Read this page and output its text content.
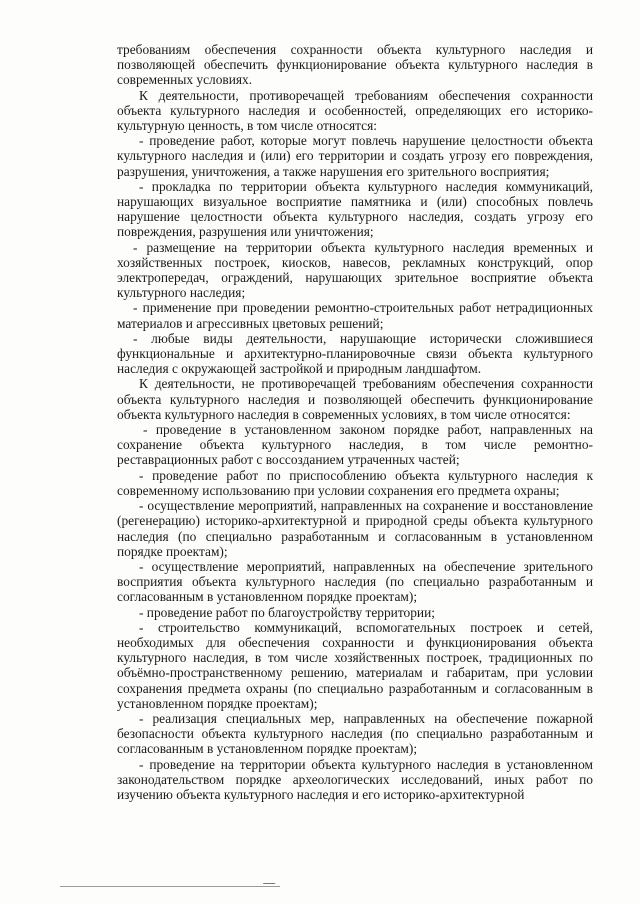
требованиям обеспечения сохранности объекта культурного наследия и позволяющей обеспечить функционирование объекта культурного наследия в современных условиях.

К деятельности, противоречащей требованиям обеспечения сохранности объекта культурного наследия и особенностей, определяющих его историко-культурную ценность, в том числе относятся:

- проведение работ, которые могут повлечь нарушение целостности объекта культурного наследия и (или) его территории и создать угрозу его повреждения, разрушения, уничтожения, а также нарушения его зрительного восприятия;

- прокладка по территории объекта культурного наследия коммуникаций, нарушающих визуальное восприятие памятника и (или) способных повлечь нарушение целостности объекта культурного наследия, создать угрозу его повреждения, разрушения или уничтожения;

- размещение на территории объекта культурного наследия временных и хозяйственных построек, киосков, навесов, рекламных конструкций, опор электропередач, ограждений, нарушающих зрительное восприятие объекта культурного наследия;

- применение при проведении ремонтно-строительных работ нетрадиционных материалов и агрессивных цветовых решений;

- любые виды деятельности, нарушающие исторически сложившиеся функциональные и архитектурно-планировочные связи объекта культурного наследия с окружающей застройкой и природным ландшафтом.

К деятельности, не противоречащей требованиям обеспечения сохранности объекта культурного наследия и позволяющей обеспечить функционирование объекта культурного наследия в современных условиях, в том числе относятся:

- проведение в установленном законом порядке работ, направленных на сохранение объекта культурного наследия, в том числе ремонтно-реставрационных работ с воссозданием утраченных частей;

- проведение работ по приспособлению объекта культурного наследия к современному использованию при условии сохранения его предмета охраны;

- осуществление мероприятий, направленных на сохранение и восстановление (регенерацию) историко-архитектурной и природной среды объекта культурного наследия (по специально разработанным и согласованным в установленном порядке проектам);

- осуществление мероприятий, направленных на обеспечение зрительного восприятия объекта культурного наследия (по специально разработанным и согласованным в установленном порядке проектам);

- проведение работ по благоустройству территории;

- строительство коммуникаций, вспомогательных построек и сетей, необходимых для обеспечения сохранности и функционирования объекта культурного наследия, в том числе хозяйственных построек, традиционных по объёмно-пространственному решению, материалам и габаритам, при условии сохранения предмета охраны (по специально разработанным и согласованным в установленном порядке проектам);

- реализация специальных мер, направленных на обеспечение пожарной безопасности объекта культурного наследия (по специально разработанным и согласованным в установленном порядке проектам);

- проведение на территории объекта культурного наследия в установленном законодательством порядке археологических исследований, иных работ по изучению объекта культурного наследия и его историко-архитектурной
